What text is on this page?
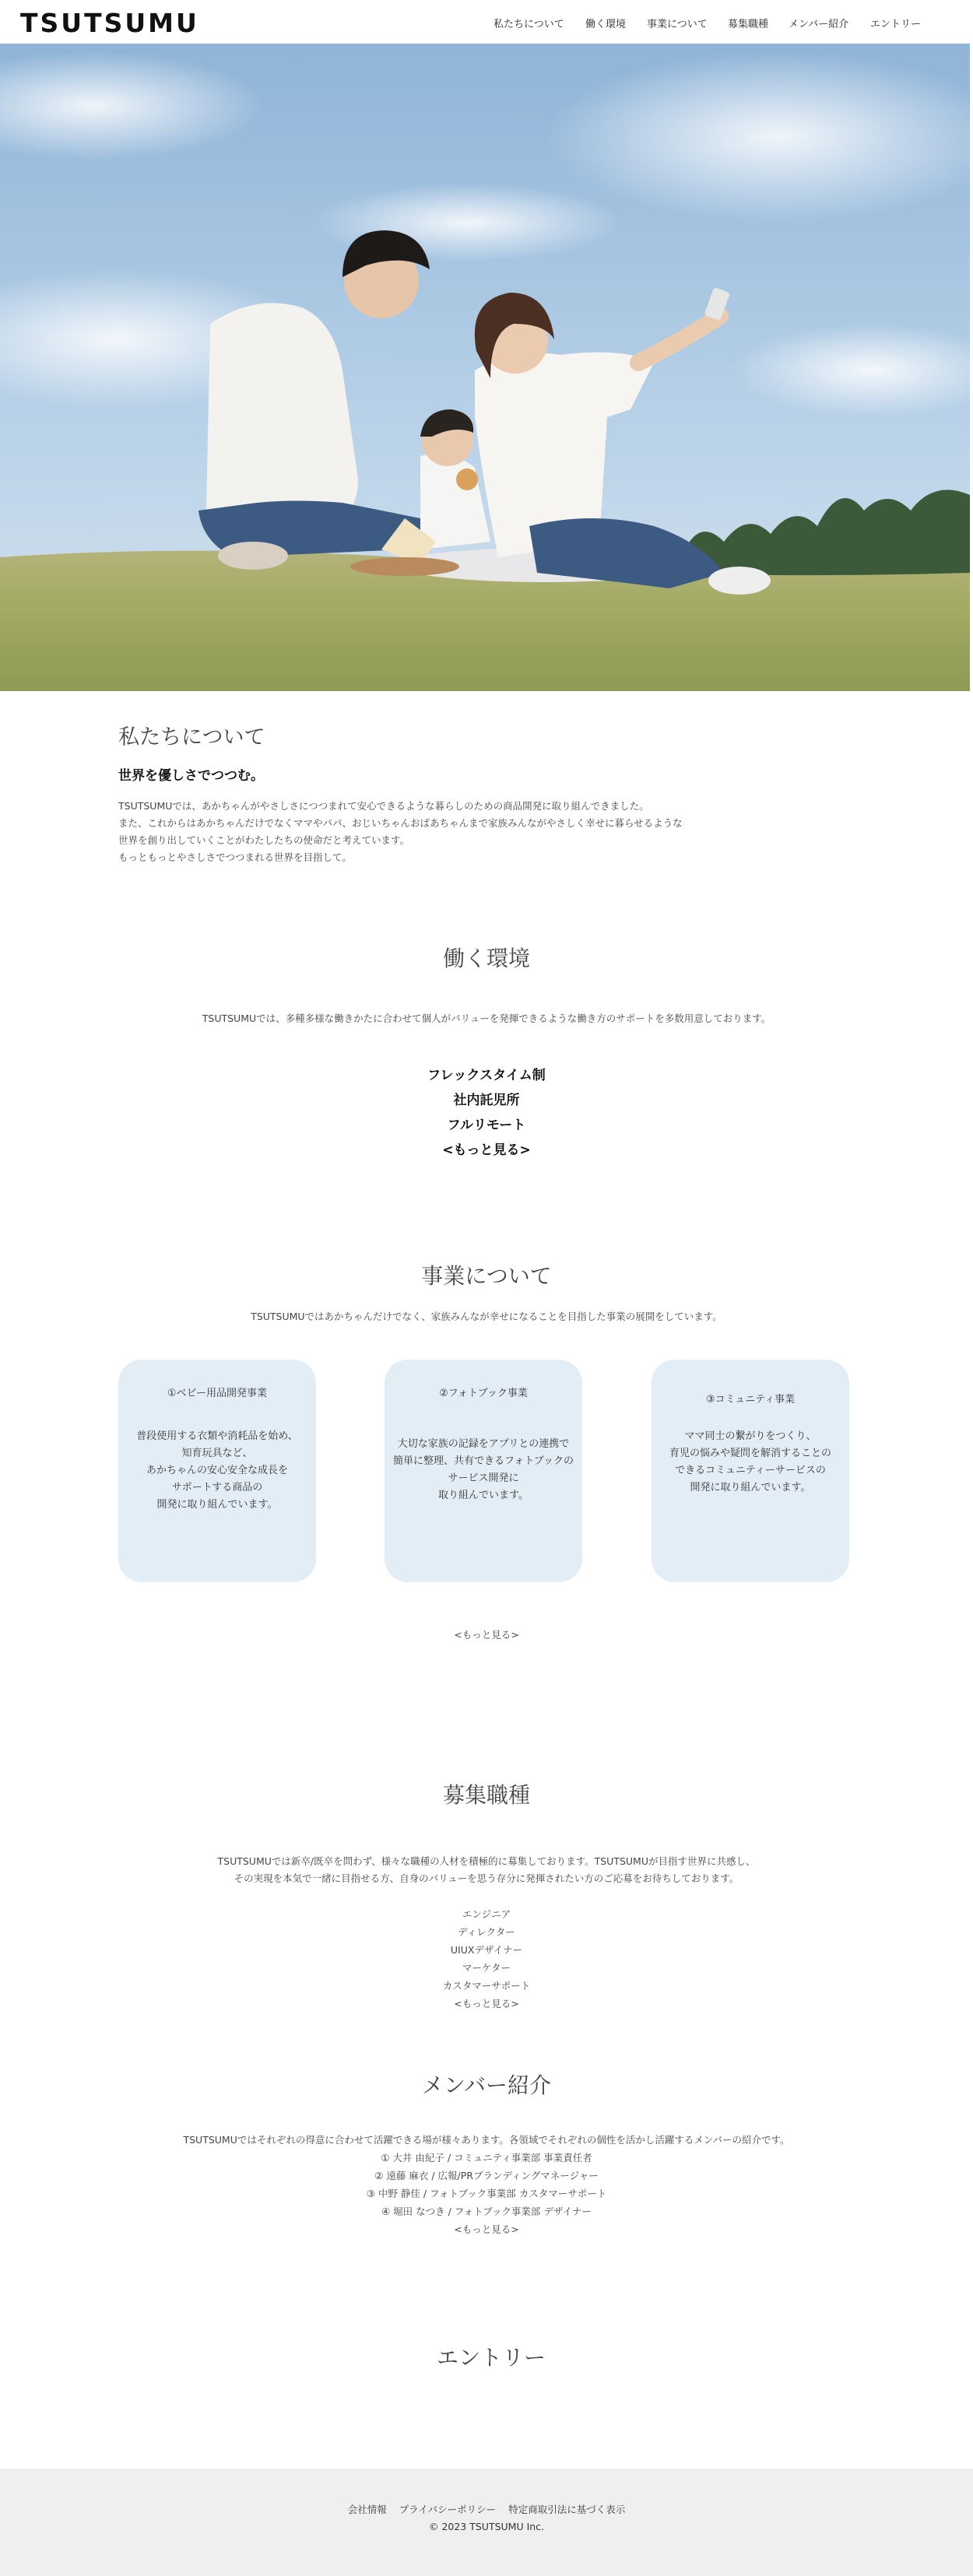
TSUTSUMU	私たちについて 働く環境 事業について 募集職種 メンバー紹介 エントリー
私たちについて
世界を優しさでつつむ。
TSUTSUMUでは、あかちゃんがやさしさにつつまれて安心できるような暮らしのための商品開発に取り組んできました。
また、これからはあかちゃんだけでなくママやパパ、おじいちゃんおばあちゃんまで家族みんながやさしく幸せに暮らせるような
世界を創り出していくことがわたしたちの使命だと考えています。
もっともっとやさしさでつつまれる世界を目指して。
働く環境
TSUTSUMUでは、多種多様な働きかたに合わせて個人がバリューを発揮できるような働き方のサポートを多数用意しております。
フレックスタイム制
社内託児所
フルリモート
<もっと見る>
事業について
TSUTSUMUではあかちゃんだけでなく、家族みんなが幸せになることを目指した事業の展開をしています。
①ベビー用品開発事業
普段使用する衣類や消耗品を始め、
知育玩具など、
あかちゃんの安心安全な成長を
サポートする商品の
開発に取り組んでいます。
②フォトブック事業
大切な家族の記録をアプリとの連携で
簡単に整理、共有できるフォトブックの
サービス開発に
取り組んでいます。
③コミュニティ事業
ママ同士の繋がりをつくり、
育児の悩みや疑問を解消することの
できるコミュニティーサービスの
開発に取り組んでいます。
<もっと見る>
募集職種
TSUTSUMUでは新卒/既卒を問わず、様々な職種の人材を積極的に募集しております。TSUTSUMUが目指す世界に共感し、
その実現を本気で一緒に目指せる方、自身のバリューを思う存分に発揮されたい方のご応募をお待ちしております。
エンジニア
ディレクター
UIUXデザイナー
マーケター
カスタマーサポート
<もっと見る>
メンバー紹介
TSUTSUMUではそれぞれの得意に合わせて活躍できる場が様々あります。各領域でそれぞれの個性を活かし活躍するメンバーの紹介です。
① 大井 由紀子 / コミュニティ事業部 事業責任者
② 遠藤 麻衣 / 広報/PRブランディングマネージャー
③ 中野 静佳 / フォトブック事業部 カスタマーサポート
④ 堀田 なつき / フォトブック事業部 デザイナー
<もっと見る>
エントリー
会社情報 プライバシーポリシー 特定商取引法に基づく表示
© 2023 TSUTSUMU Inc.
